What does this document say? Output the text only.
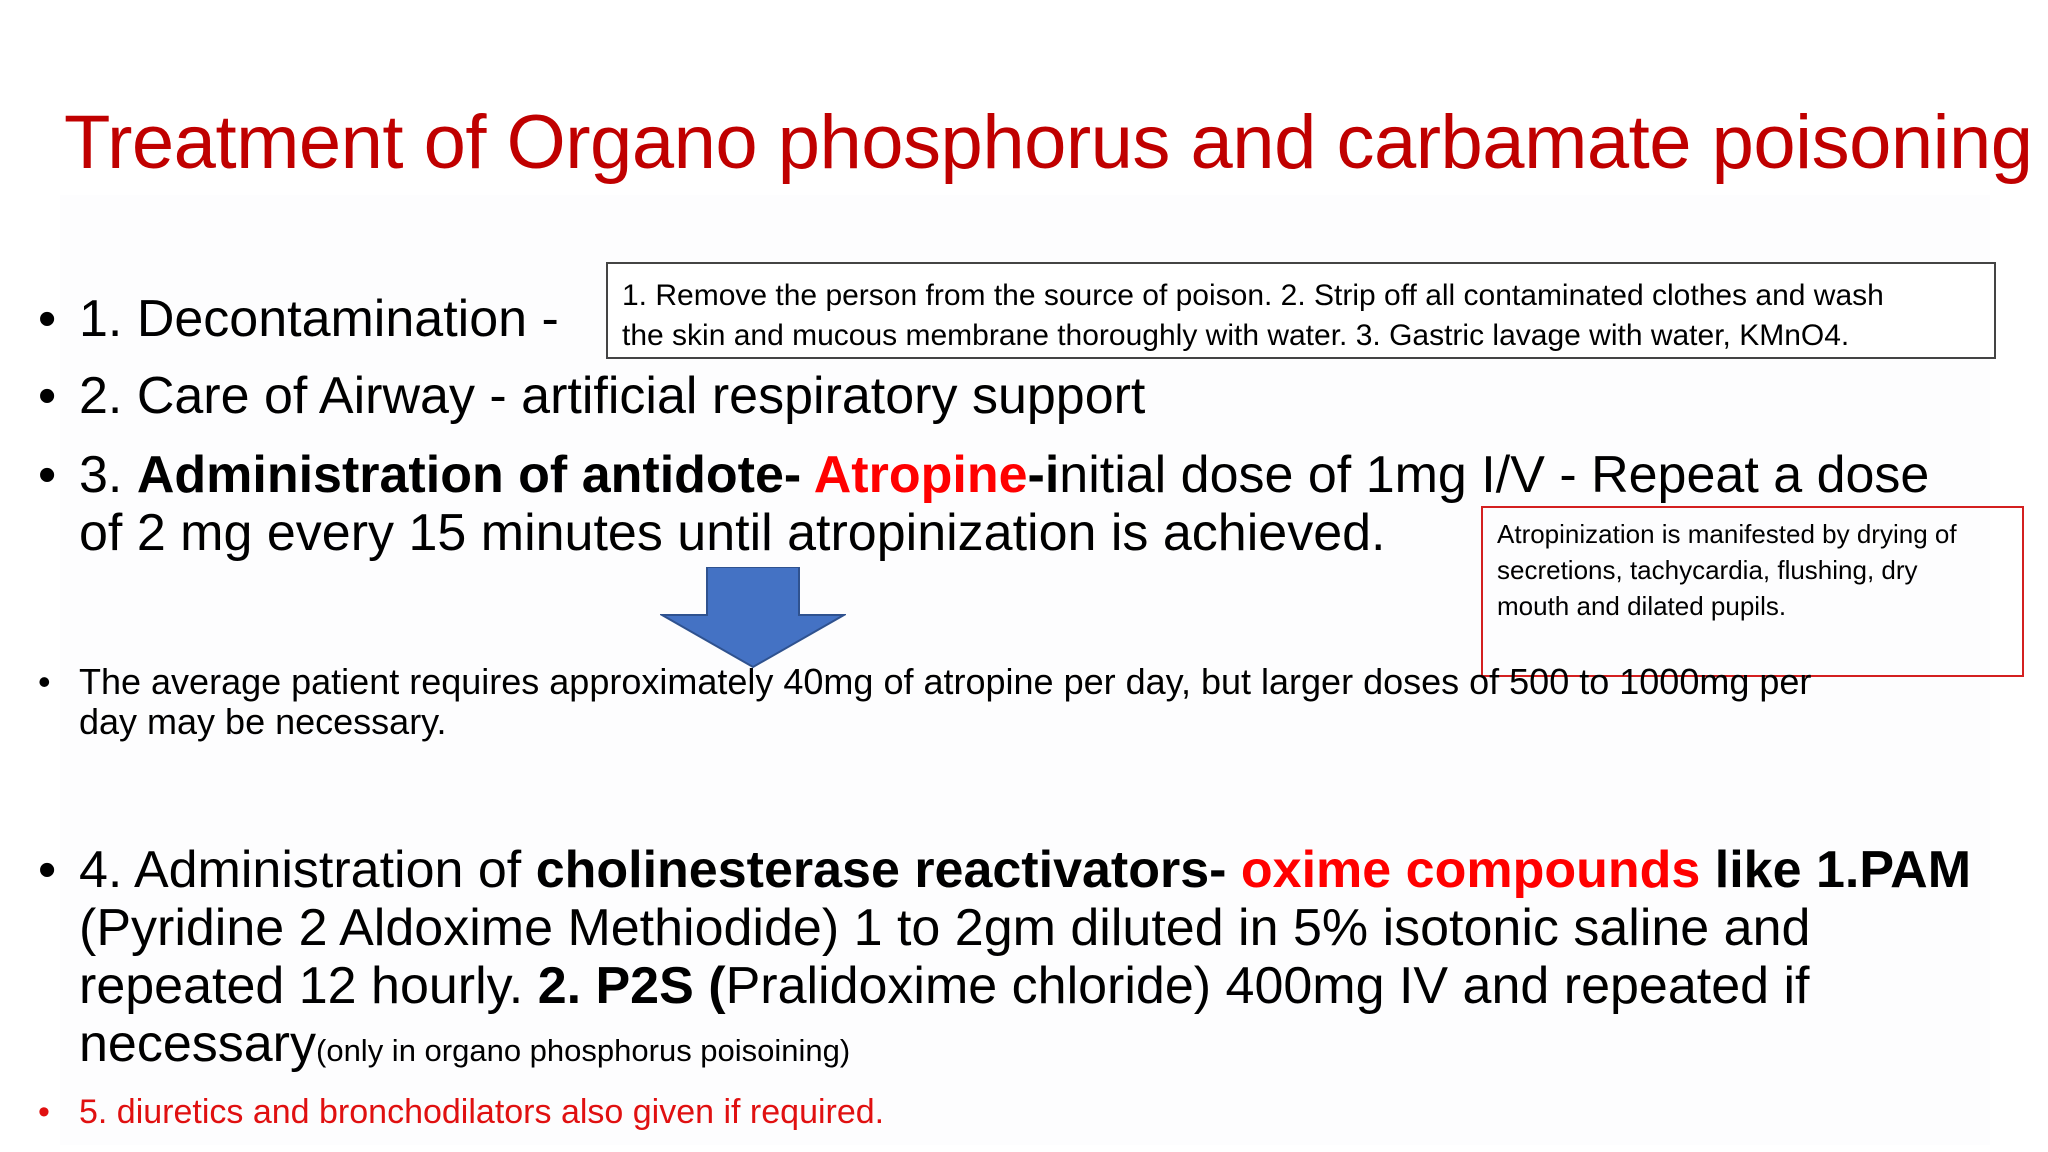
Treatment of Organo phosphorus and carbamate poisoning
• 1. Decontamination - 1. Remove the person from the source of poison. 2. Strip off all contaminated clothes and wash
the skin and mucous membrane thoroughly with water. 3. Gastric lavage with water, KMnO4.
• 2. Care of Airway - artificial respiratory support
• 3. Administration of antidote- Atropine-initial dose of 1mg I/V - Repeat a dose
of 2 mg every 15 minutes until atropinization is achieved.	Atropinization is manifested by drying of
secretions, tachycardia, flushing, dry
mouth and dilated pupils.
• The average patient requires approximately 40mg of atropine per day, but larger doses of 500 to 1000mg per
day may be necessary.
• 4. Administration of cholinesterase reactivators- oxime compounds like 1.PAM
(Pyridine 2 Aldoxime Methiodide) 1 to 2gm diluted in 5% isotonic saline and
repeated 12 hourly. 2. P2S (Pralidoxime chloride) 400mg IV and repeated if
necessary(only in organo phosphorus poisoining)
• 5. diuretics and bronchodilators also given if required.
